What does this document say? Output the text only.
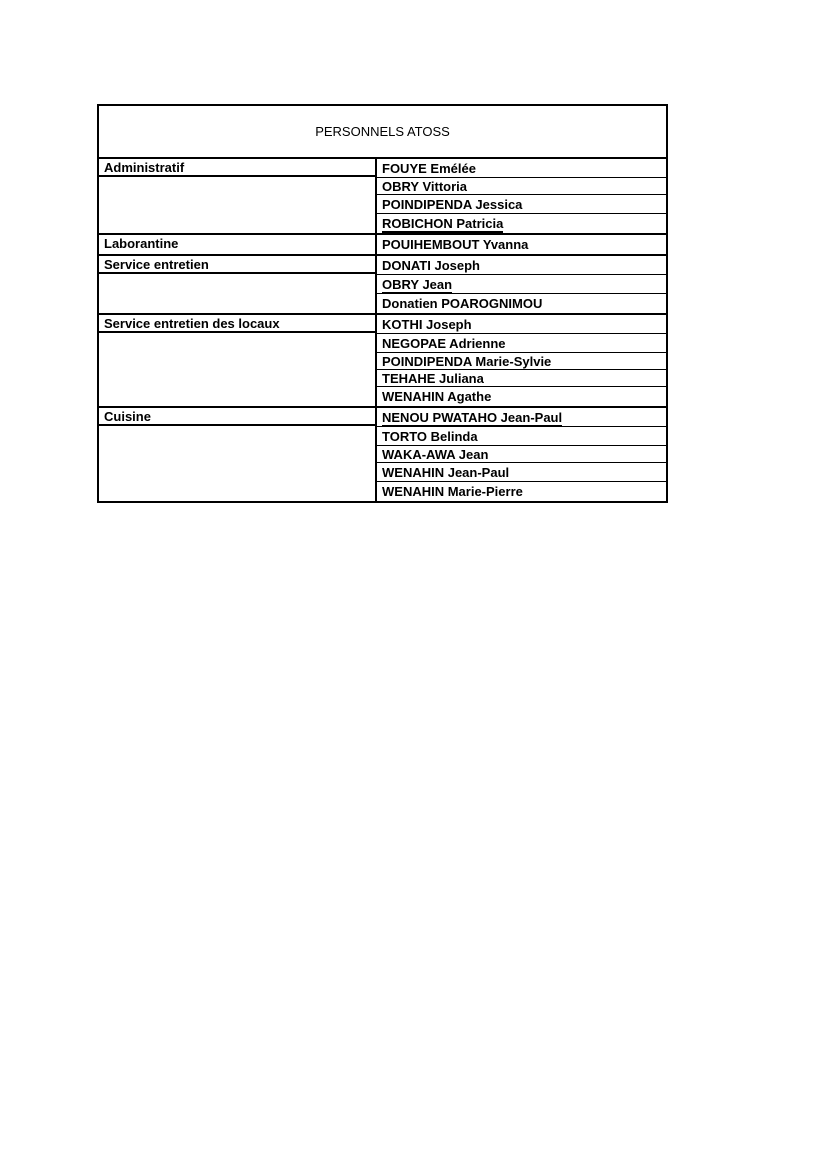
PERSONNELS ATOSS
Administratif	FOUYE Emélée
OBRY Vittoria
POINDIPENDA Jessica
ROBICHON Patricia
Laborantine	POUIHEMBOUT Yvanna
Service entretien	DONATI Joseph
OBRY Jean
Donatien POAROGNIMOU
Service entretien des locaux	KOTHI Joseph
NEGOPAE Adrienne
POINDIPENDA Marie-Sylvie
TEHAHE Juliana
WENAHIN Agathe
Cuisine	NENOU PWATAHO Jean-Paul
TORTO Belinda
WAKA-AWA Jean
WENAHIN Jean-Paul
WENAHIN Marie-Pierre
